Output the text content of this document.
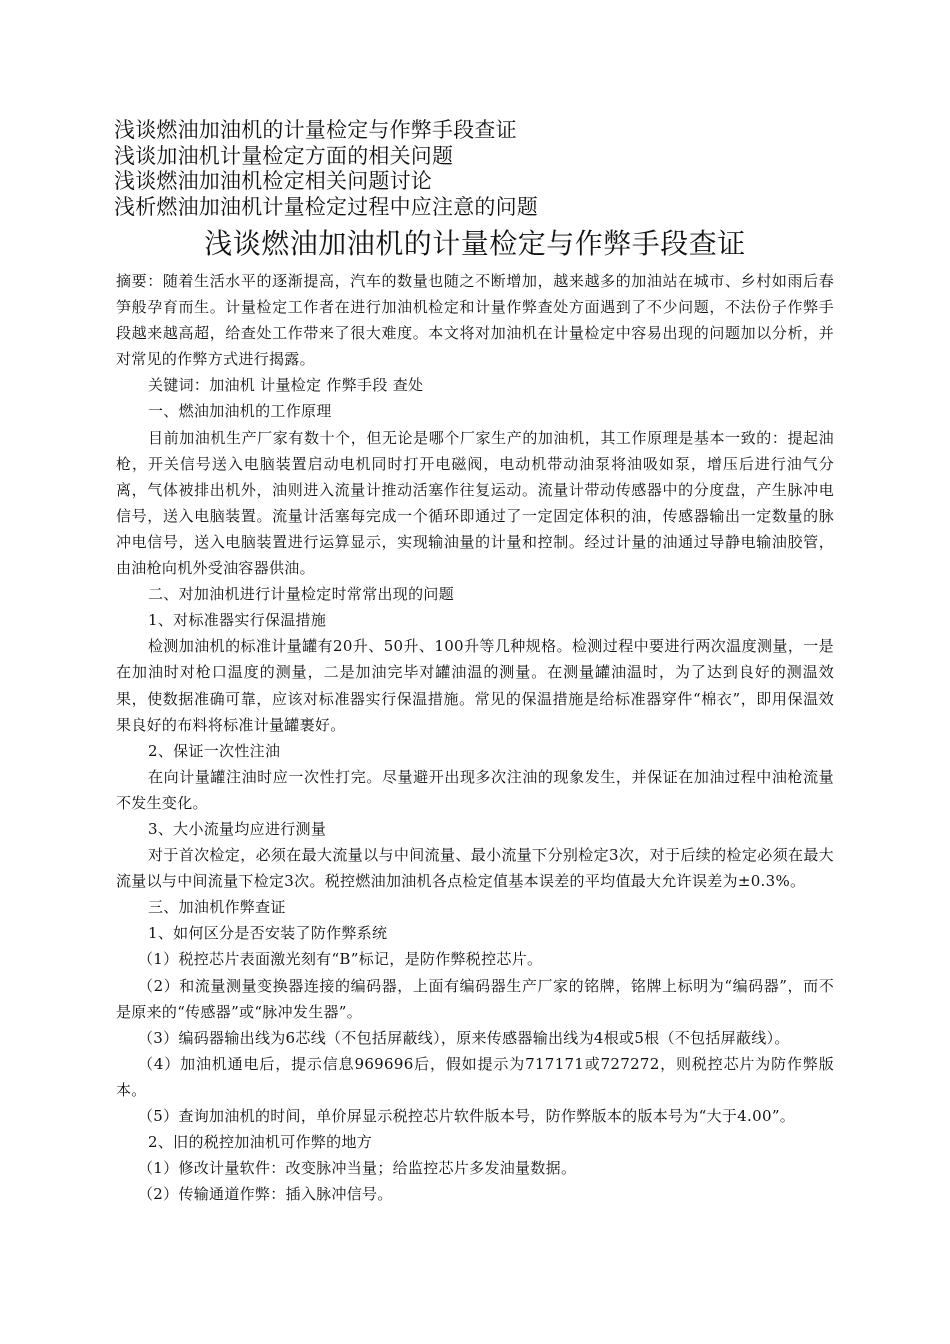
浅谈燃油加油机的计量检定与作弊手段查证
浅谈加油机计量检定方面的相关问题
浅谈燃油加油机检定相关问题讨论
浅析燃油加油机计量检定过程中应注意的问题
浅谈燃油加油机的计量检定与作弊手段查证

摘要：随着生活水平的逐渐提高，汽车的数量也随之不断增加，越来越多的加油站在城市、乡村如雨后春笋般孕育而生。计量检定工作者在进行加油机检定和计量作弊查处方面遇到了不少问题，不法份子作弊手段越来越高超，给查处工作带来了很大难度。本文将对加油机在计量检定中容易出现的问题加以分析，并对常见的作弊方式进行揭露。

关键词：加油机 计量检定 作弊手段 查处

一、燃油加油机的工作原理

目前加油机生产厂家有数十个，但无论是哪个厂家生产的加油机，其工作原理是基本一致的：提起油枪，开关信号送入电脑装置启动电机同时打开电磁阀，电动机带动油泵将油吸如泵，增压后进行油气分离，气体被排出机外，油则进入流量计推动活塞作往复运动。流量计带动传感器中的分度盘，产生脉冲电信号，送入电脑装置。流量计活塞每完成一个循环即通过了一定固定体积的油，传感器输出一定数量的脉冲电信号，送入电脑装置进行运算显示，实现输油量的计量和控制。经过计量的油通过导静电输油胶管，由油枪向机外受油容器供油。

二、对加油机进行计量检定时常常出现的问题

1、对标准器实行保温措施

检测加油机的标准计量罐有20升、50升、100升等几种规格。检测过程中要进行两次温度测量，一是在加油时对枪口温度的测量，二是加油完毕对罐油温的测量。在测量罐油温时，为了达到良好的测温效果，使数据准确可靠，应该对标准器实行保温措施。常见的保温措施是给标准器穿件“棉衣”，即用保温效果良好的布料将标准计量罐裹好。

2、保证一次性注油

在向计量罐注油时应一次性打完。尽量避开出现多次注油的现象发生，并保证在加油过程中油枪流量不发生变化。

3、大小流量均应进行测量

对于首次检定，必须在最大流量以与中间流量、最小流量下分别检定3次，对于后续的检定必须在最大流量以与中间流量下检定3次。税控燃油加油机各点检定值基本误差的平均值最大允许误差为±0.3%。

三、加油机作弊查证

1、如何区分是否安装了防作弊系统

（1）税控芯片表面激光刻有“B”标记，是防作弊税控芯片。

（2）和流量测量变换器连接的编码器，上面有编码器生产厂家的铭牌，铭牌上标明为“编码器”，而不是原来的“传感器”或“脉冲发生器”。

（3）编码器输出线为6芯线（不包括屏蔽线），原来传感器输出线为4根或5根（不包括屏蔽线）。

（4）加油机通电后，提示信息969696后，假如提示为717171或727272，则税控芯片为防作弊版本。

（5）查询加油机的时间，单价屏显示税控芯片软件版本号，防作弊版本的版本号为“大于4.00”。

2、旧的税控加油机可作弊的地方

（1）修改计量软件：改变脉冲当量；给监控芯片多发油量数据。

（2）传输通道作弊：插入脉冲信号。
